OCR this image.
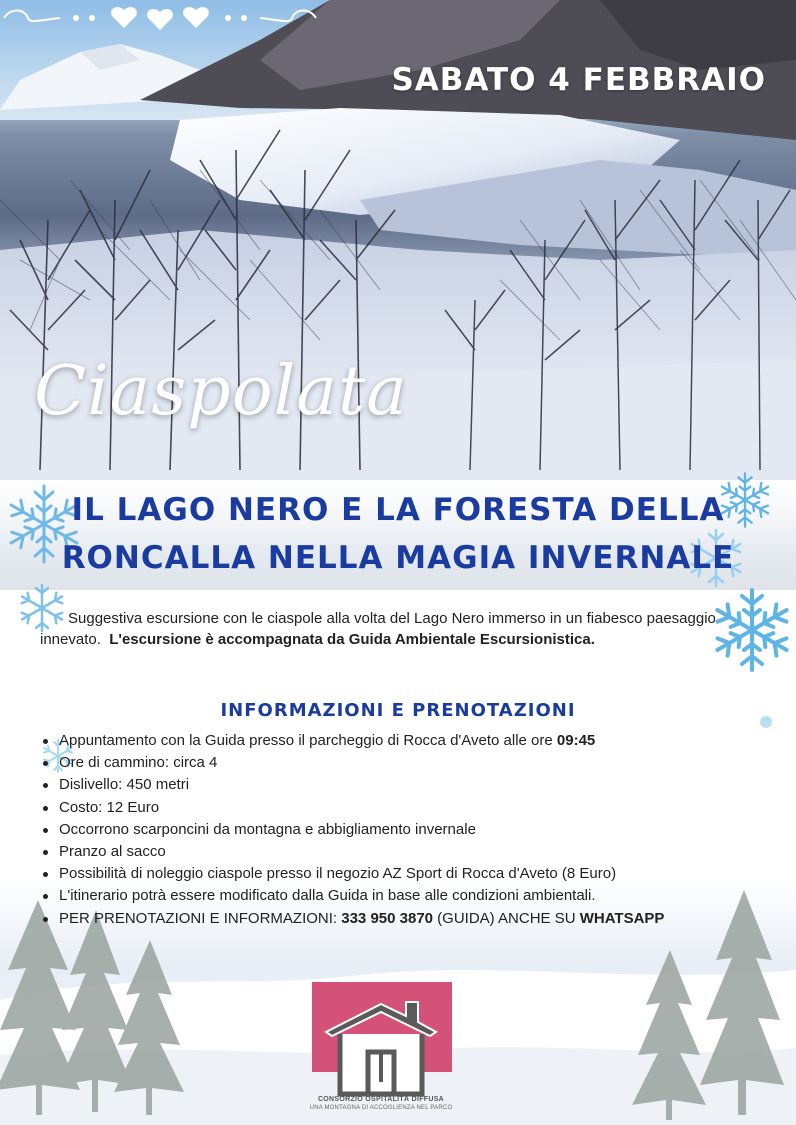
SABATO 4 FEBBRAIO
Ciaspolata
IL LAGO NERO E LA FORESTA DELLA
RONCALLA NELLA MAGIA INVERNALE
Suggestiva escursione con le ciaspole alla volta del Lago Nero immerso in un fiabesco paesaggio innevato. L'escursione è accompagnata da Guida Ambientale Escursionistica.
INFORMAZIONI E PRENOTAZIONI
Appuntamento con la Guida presso il parcheggio di Rocca d'Aveto alle ore 09:45
Ore di cammino: circa 4
Dislivello: 450 metri
Costo: 12 Euro
Occorrono scarponcini da montagna e abbigliamento invernale
Pranzo al sacco
Possibilità di noleggio ciaspole presso il negozio AZ Sport di Rocca d'Aveto (8 Euro)
L'itinerario potrà essere modificato dalla Guida in base alle condizioni ambientali.
PER PRENOTAZIONI E INFORMAZIONI: 333 950 3870 (GUIDA) ANCHE SU WHATSAPP
CONSORZIO OSPITALITÀ DIFFUSA
UNA MONTAGNA DI ACCOGLIENZA NEL PARCO
